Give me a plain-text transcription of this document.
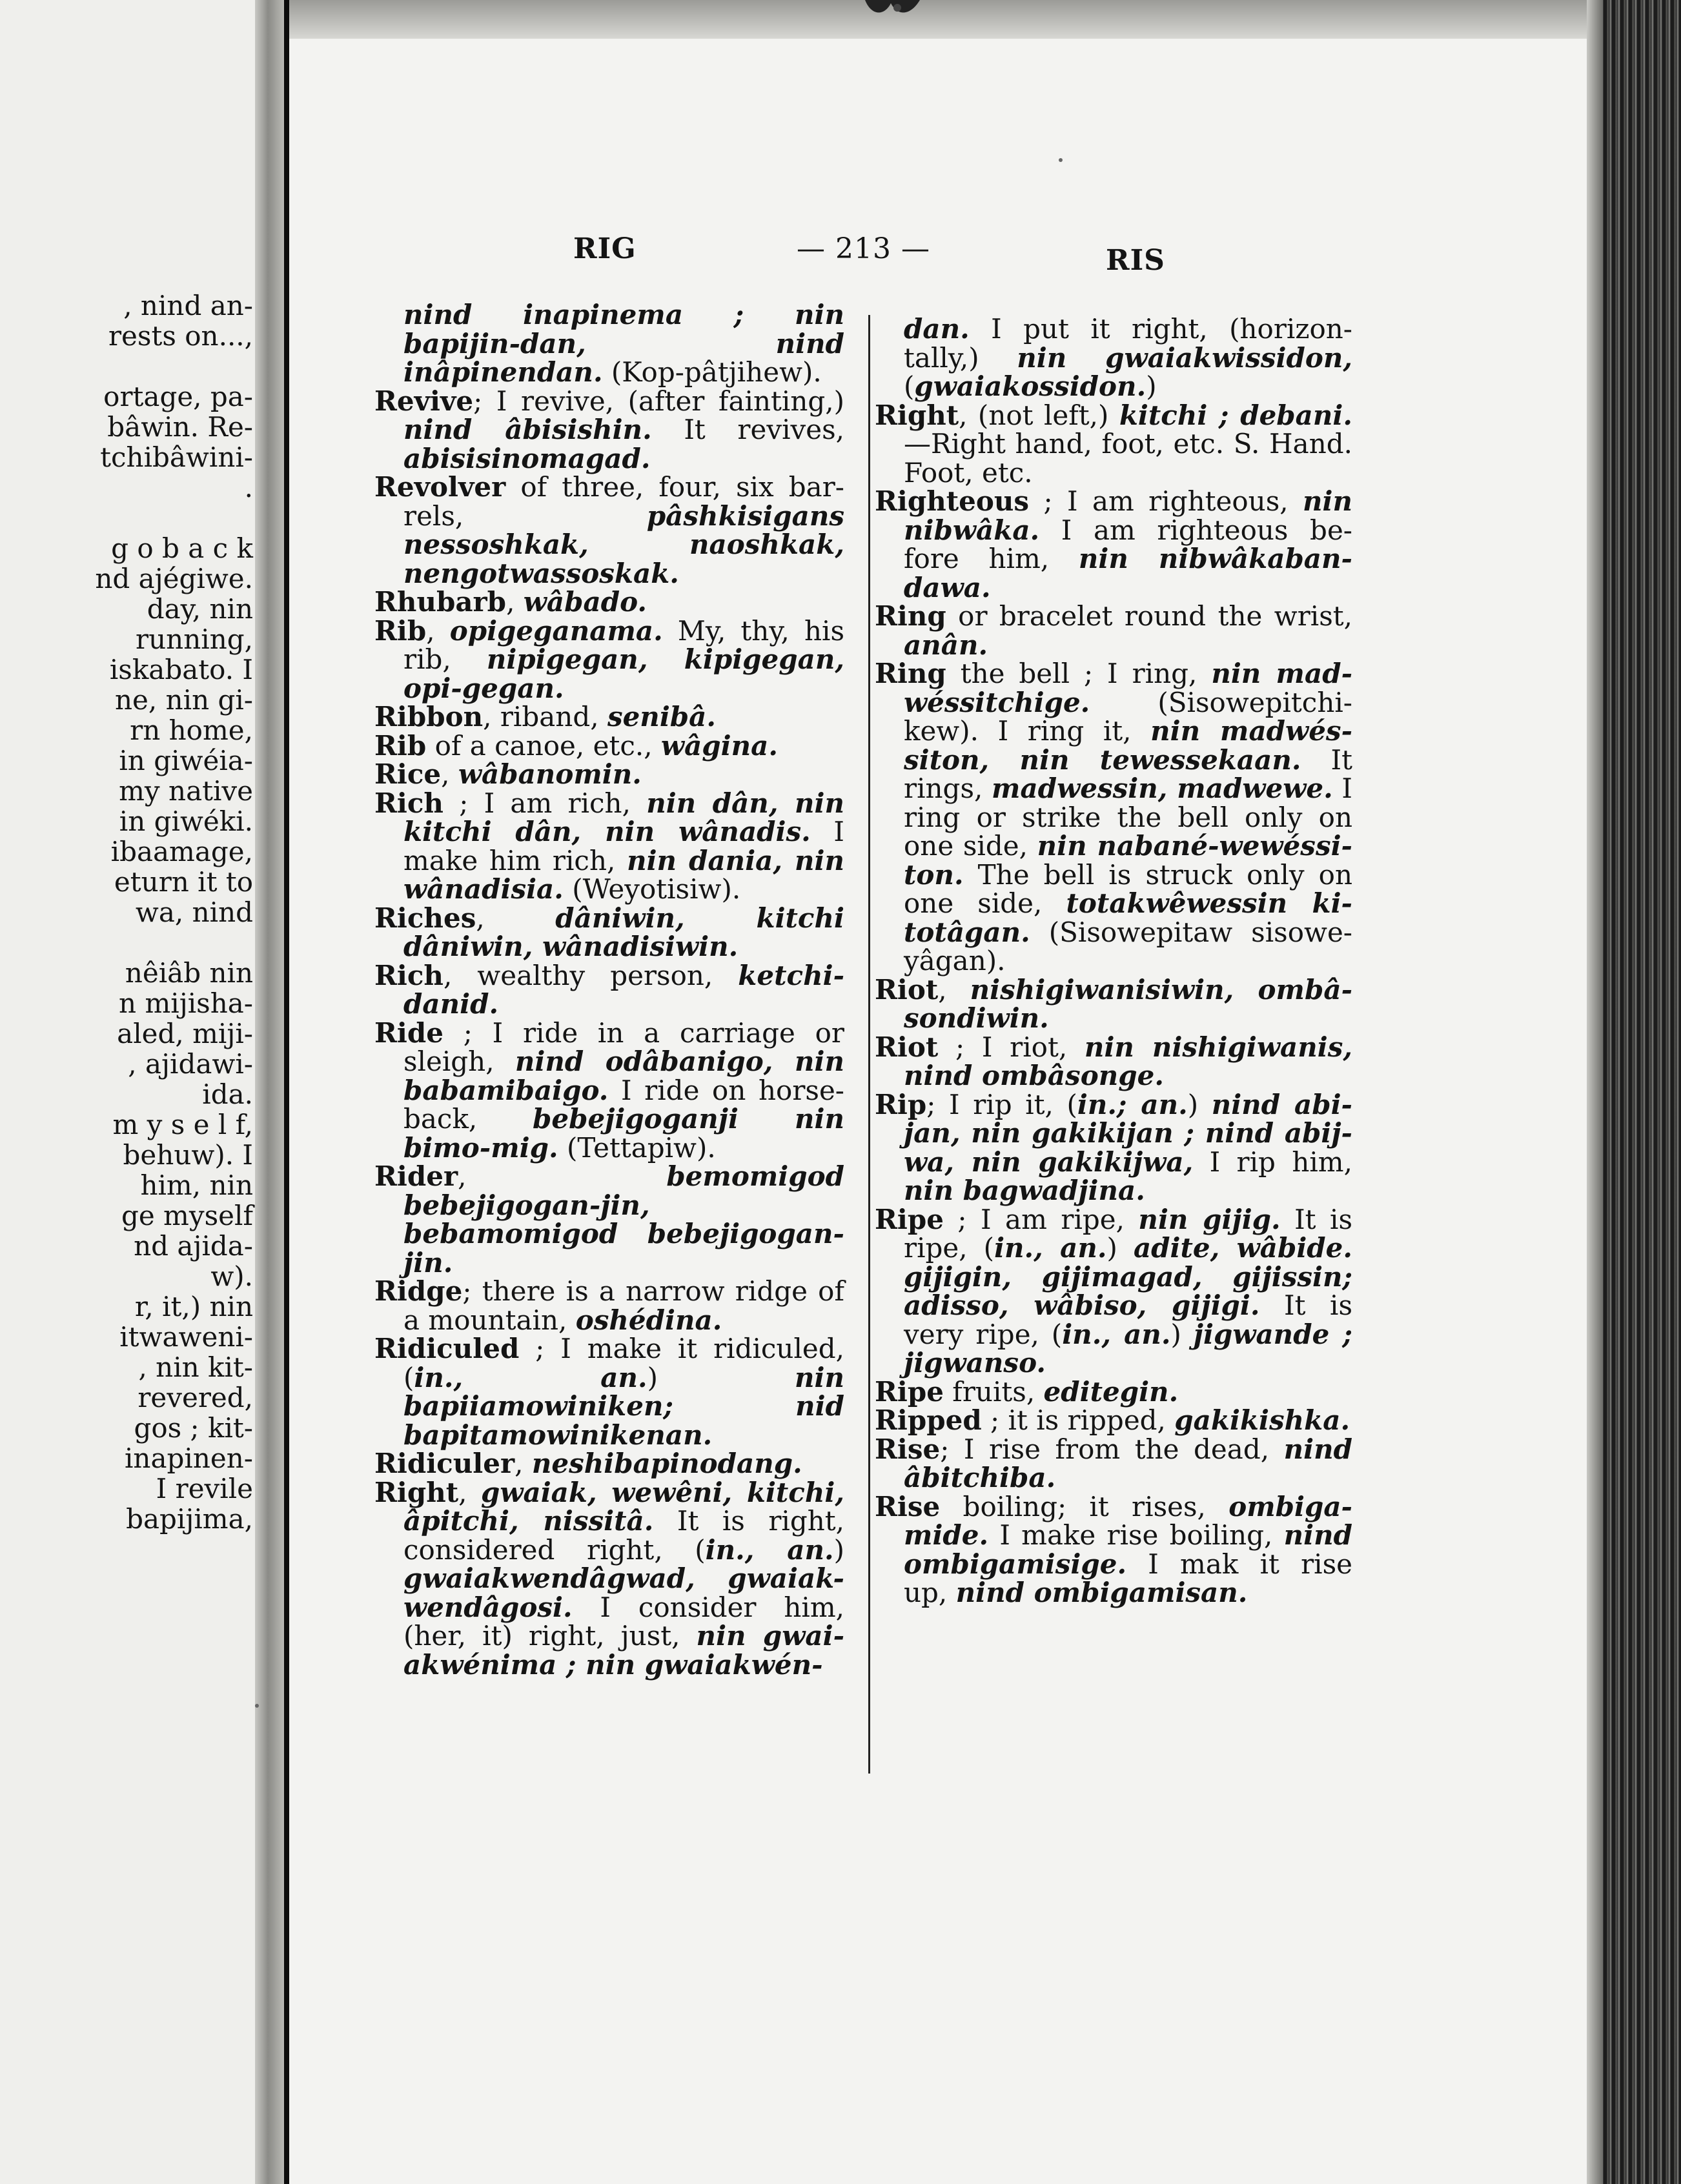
, nind an-
rests on...,
ortage, pa-
bâwin. Re-
tchibâwini-
.
g o b a c k
nd ajégiwe.
day, nin
running,
iskabato. I
ne, nin gi-
rn home,
in giwéia-
my native
in giwéki.
ibaamage,
eturn it to
wa, nind
nêiâb nin
n mijisha-
aled, miji-
, ajidawi-
ida.
m y s e l f,
behuw). I
him, nin
ge myself
nd ajida-
w).
r, it,) nin
itwaweni-
, nin kit-
revered,
gos ; kit-
inapinen-
I revile
bapijima,
RIG	— 213 —	RIS
nind inapinema ; nin bapijin-dan, nind inâpinendan. (Kop-pâtjihew).
Revive; I revive, (after fainting,) nind âbisishin. It revives, abisisinomagad.
Revolver of three, four, six bar-rels, pâshkisigans nessoshkak, naoshkak, nengotwassoskak.
Rhubarb, wâbado.
Rib, opigeganama. My, thy, his rib, nipigegan, kipigegan, opi-gegan.
Ribbon, riband, senibâ.
Rib of a canoe, etc., wâgina.
Rice, wâbanomin.
Rich ; I am rich, nin dân, nin kitchi dân, nin wânadis. I make him rich, nin dania, nin wânadisia. (Weyotisiw).
Riches, dâniwin, kitchi dâniwin, wânadisiwin.
Rich, wealthy person, ketchi-danid.
Ride ; I ride in a carriage or sleigh, nind odâbanigo, nin babamibaigo. I ride on horse-back, bebejigoganji nin bimo-mig. (Tettapiw).
Rider, bemomigod bebejigogan-jin, bebamomigod bebejigogan-jin.
Ridge; there is a narrow ridge of a mountain, oshédina.
Ridiculed ; I make it ridiculed, (in., an.) nin bapiiamowiniken; nid bapitamowinikenan.
Ridiculer, neshibapinodang.
Right, gwaiak, wewêni, kitchi, âpitchi, nissitâ. It is right, considered right, (in., an.) gwaiakwendâgwad, gwaiak-wendâgosi. I consider him, (her, it) right, just, nin gwai-akwénima ; nin gwaiakwén-
dan. I put it right, (horizon-tally,) nin gwaiakwissidon, (gwaiakossidon.)
Right, (not left,) kitchi ; debani. —Right hand, foot, etc. S. Hand. Foot, etc.
Righteous ; I am righteous, nin nibwâka. I am righteous be-fore him, nin nibwâkaban-dawa.
Ring or bracelet round the wrist, anân.
Ring the bell ; I ring, nin mad-wéssitchige. (Sisowepitchi-kew). I ring it, nin madwés-siton, nin tewessekaan. It rings, madwessin, madwewe. I ring or strike the bell only on one side, nin nabané-wewéssi-ton. The bell is struck only on one side, totakwêwessin ki-totâgan. (Sisowepitaw sisowe-yâgan).
Riot, nishigiwanisiwin, ombâ-sondiwin.
Riot ; I riot, nin nishigiwanis, nind ombâsonge.
Rip; I rip it, (in.; an.) nind abi-jan, nin gakikijan ; nind abij-wa, nin gakikijwa, I rip him, nin bagwadjina.
Ripe ; I am ripe, nin gijig. It is ripe, (in., an.) adite, wâbide. gijigin, gijimagad, gijissin; adisso, wâbiso, gijigi. It is very ripe, (in., an.) jigwande ; jigwanso.
Ripe fruits, editegin.
Ripped ; it is ripped, gakikishka.
Rise; I rise from the dead, nind âbitchiba.
Rise boiling; it rises, ombiga-mide. I make rise boiling, nind ombigamisige. I mak it rise up, nind ombigamisan.
